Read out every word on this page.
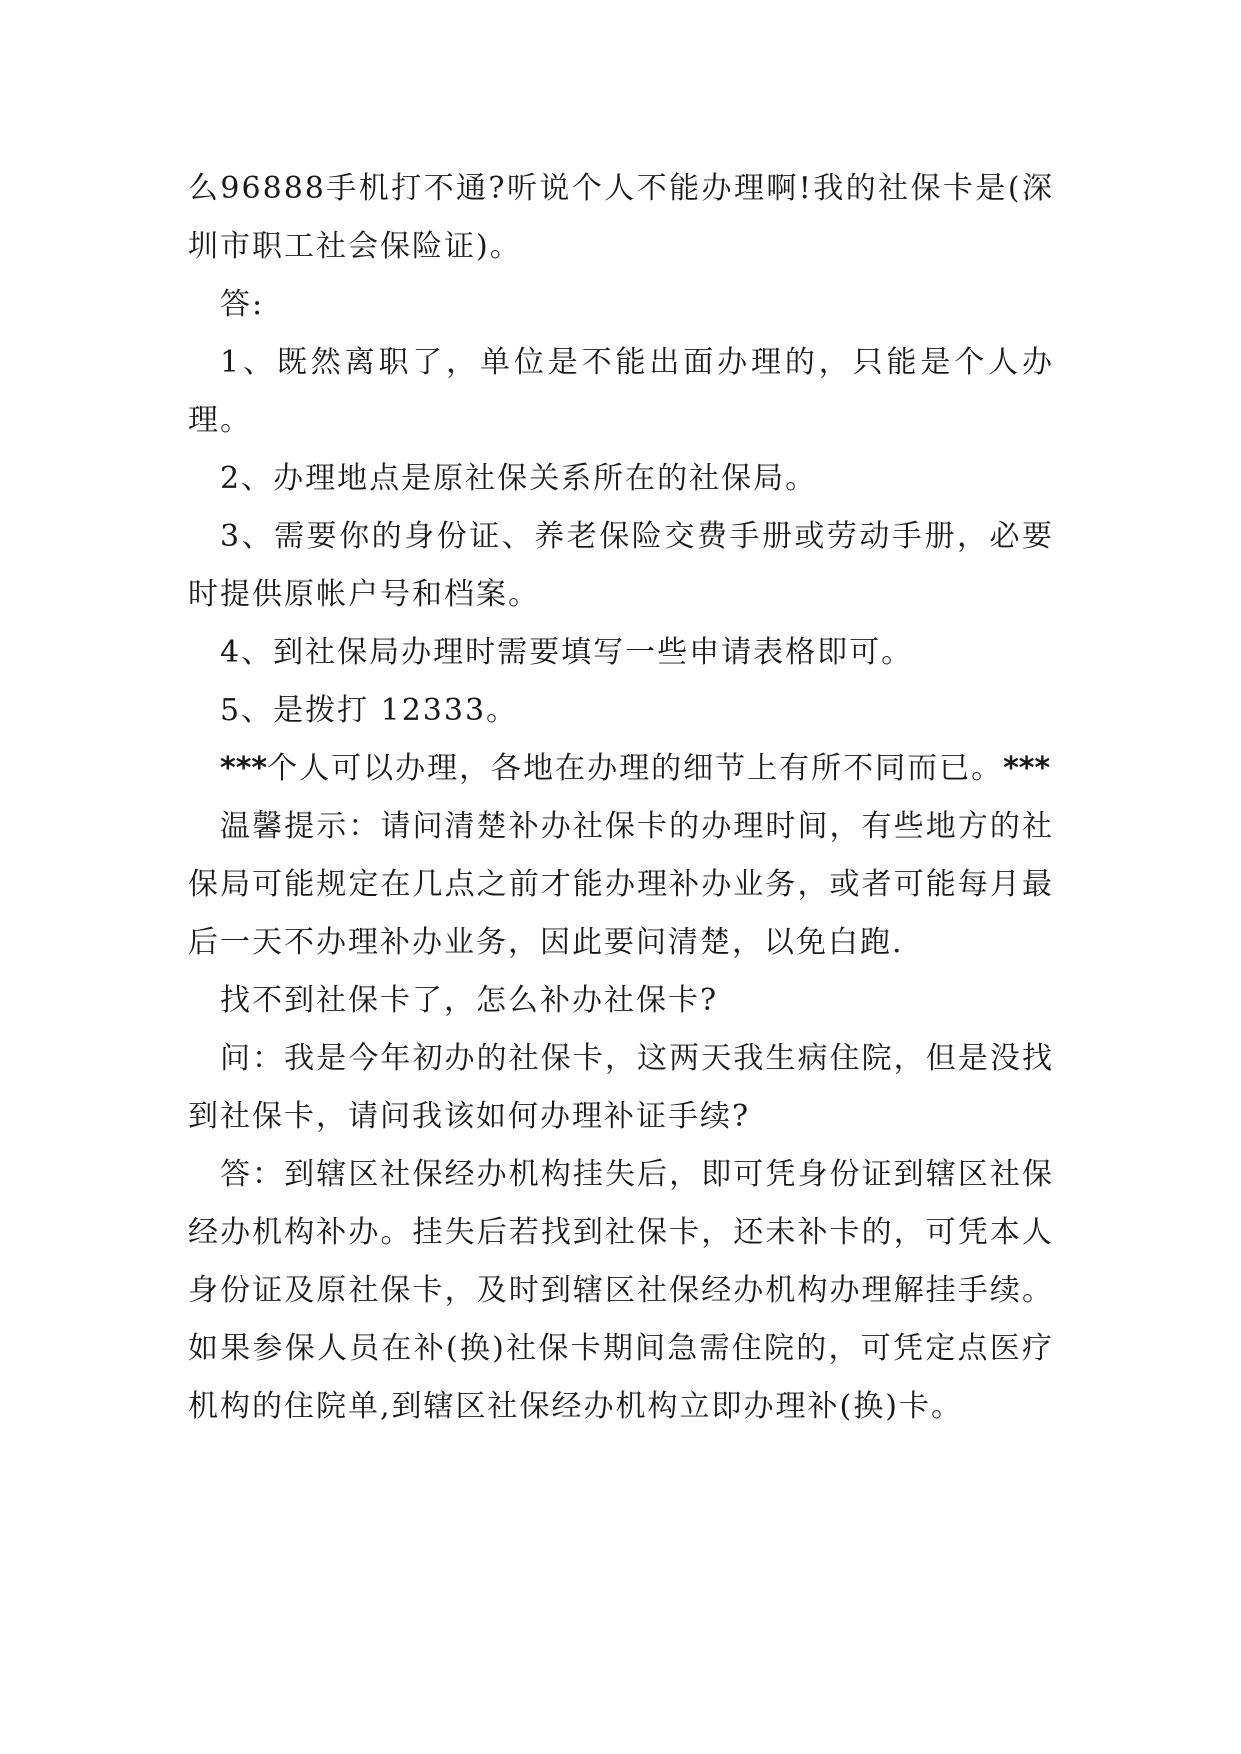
么96888手机打不通?听说个人不能办理啊!我的社保卡是(深圳市职工社会保险证)。

答:

1、既然离职了，单位是不能出面办理的，只能是个人办理。

2、办理地点是原社保关系所在的社保局。

3、需要你的身份证、养老保险交费手册或劳动手册，必要时提供原帐户号和档案。

4、到社保局办理时需要填写一些申请表格即可。

5、是拨打 12333。

***个人可以办理，各地在办理的细节上有所不同而已。***

温馨提示：请问清楚补办社保卡的办理时间，有些地方的社保局可能规定在几点之前才能办理补办业务，或者可能每月最后一天不办理补办业务，因此要问清楚，以免白跑.

找不到社保卡了，怎么补办社保卡?

问：我是今年初办的社保卡，这两天我生病住院，但是没找到社保卡，请问我该如何办理补证手续?

答：到辖区社保经办机构挂失后，即可凭身份证到辖区社保经办机构补办。挂失后若找到社保卡，还未补卡的，可凭本人身份证及原社保卡，及时到辖区社保经办机构办理解挂手续。如果参保人员在补(换)社保卡期间急需住院的，可凭定点医疗机构的住院单,到辖区社保经办机构立即办理补(换)卡。
